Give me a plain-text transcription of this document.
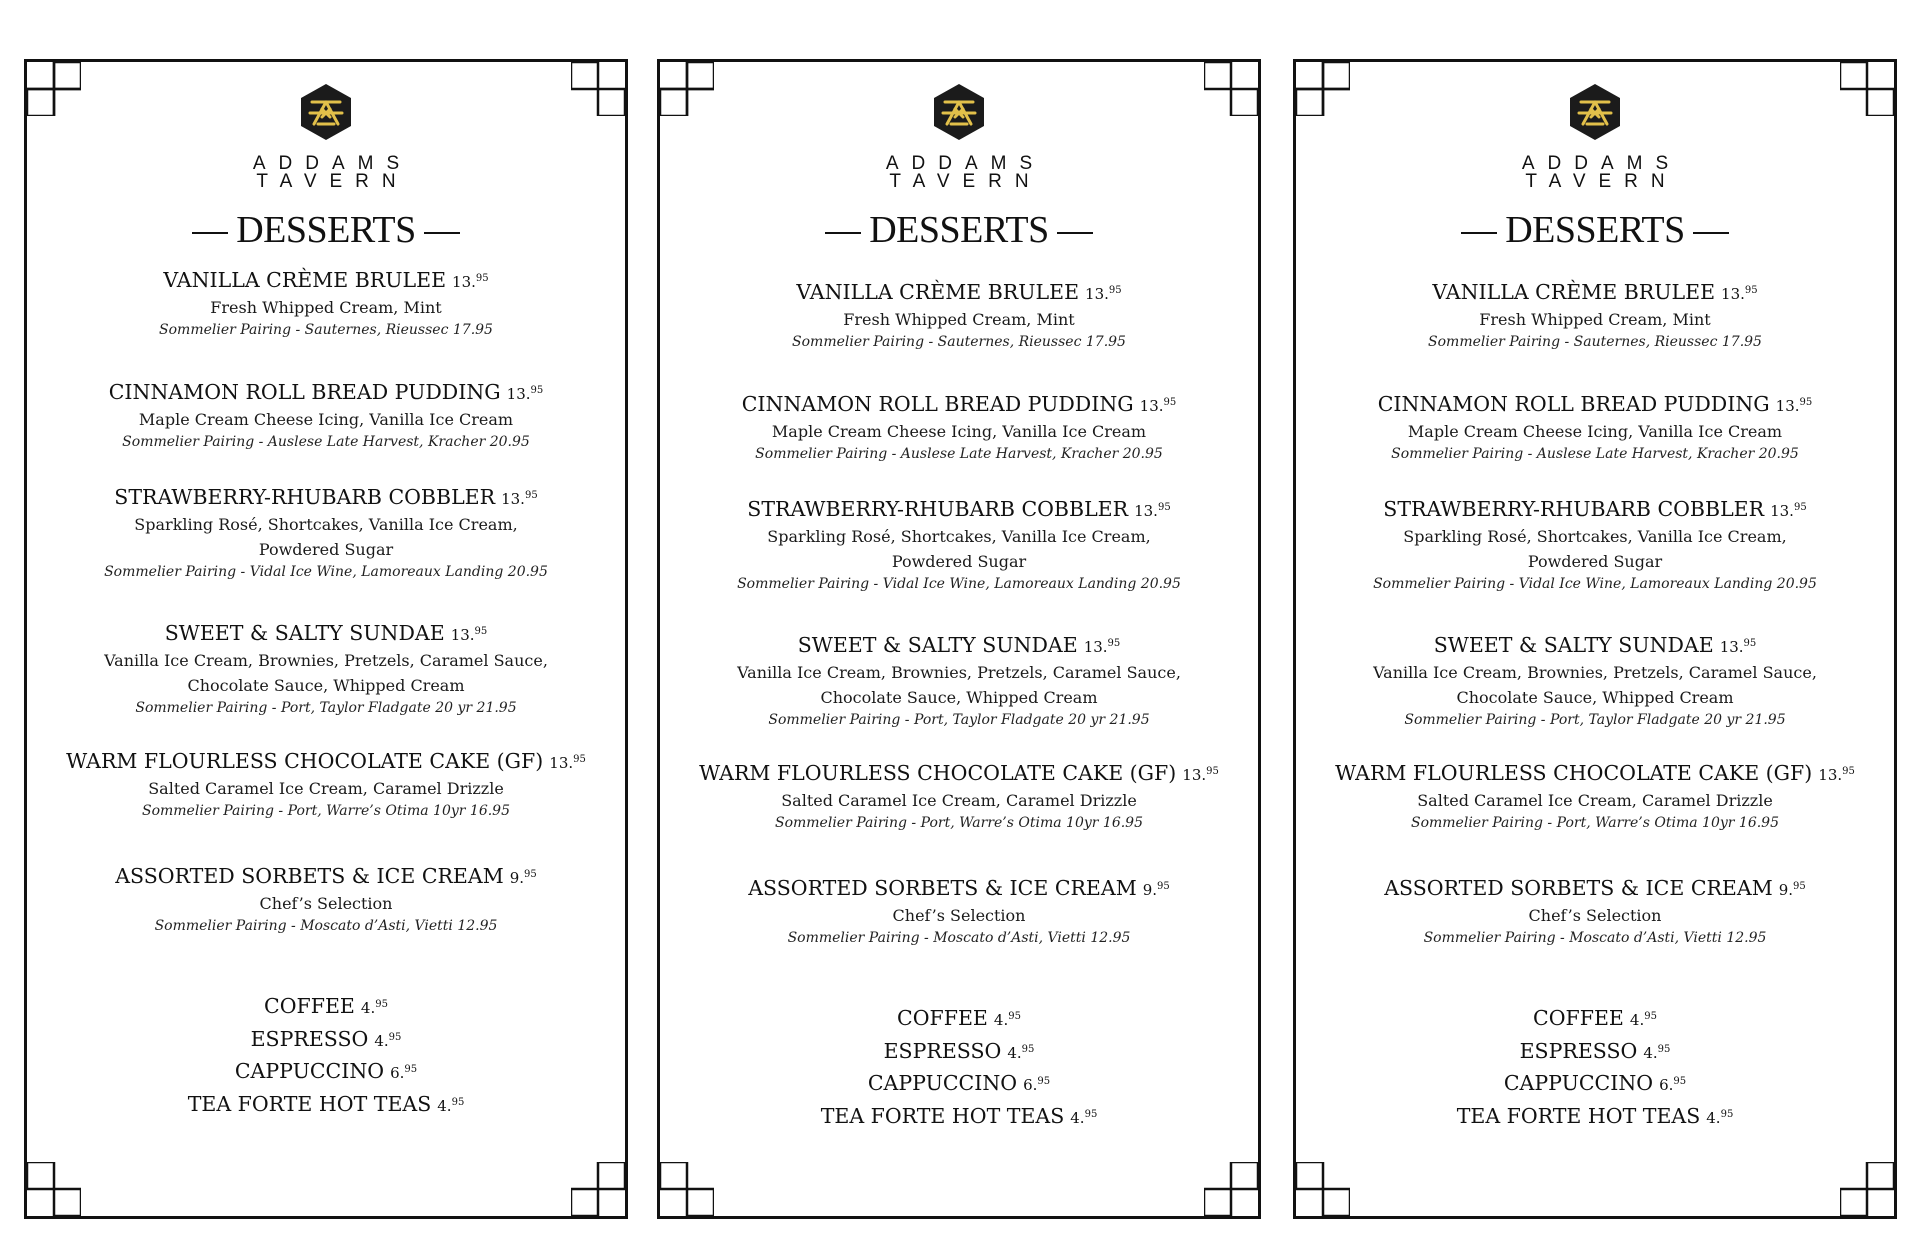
ADDAMS
TAVERN
DESSERTS
VANILLA CRÈME BRULEE 13.95
Fresh Whipped Cream, Mint
Sommelier Pairing - Sauternes, Rieussec 17.95
CINNAMON ROLL BREAD PUDDING 13.95
Maple Cream Cheese Icing, Vanilla Ice Cream
Sommelier Pairing - Auslese Late Harvest, Kracher 20.95
STRAWBERRY-RHUBARB COBBLER 13.95
Sparkling Rosé, Shortcakes, Vanilla Ice Cream,
Powdered Sugar
Sommelier Pairing - Vidal Ice Wine, Lamoreaux Landing 20.95
SWEET & SALTY SUNDAE 13.95
Vanilla Ice Cream, Brownies, Pretzels, Caramel Sauce,
Chocolate Sauce, Whipped Cream
Sommelier Pairing - Port, Taylor Fladgate 20 yr 21.95
WARM FLOURLESS CHOCOLATE CAKE (GF) 13.95
Salted Caramel Ice Cream, Caramel Drizzle
Sommelier Pairing - Port, Warre’s Otima 10yr 16.95
ASSORTED SORBETS & ICE CREAM 9.95
Chef’s Selection
Sommelier Pairing - Moscato d’Asti, Vietti 12.95
COFFEE 4.95
ESPRESSO 4.95
CAPPUCCINO 6.95
TEA FORTE HOT TEAS 4.95
ADDAMS
TAVERN
DESSERTS
VANILLA CRÈME BRULEE 13.95
Fresh Whipped Cream, Mint
Sommelier Pairing - Sauternes, Rieussec 17.95
CINNAMON ROLL BREAD PUDDING 13.95
Maple Cream Cheese Icing, Vanilla Ice Cream
Sommelier Pairing - Auslese Late Harvest, Kracher 20.95
STRAWBERRY-RHUBARB COBBLER 13.95
Sparkling Rosé, Shortcakes, Vanilla Ice Cream,
Powdered Sugar
Sommelier Pairing - Vidal Ice Wine, Lamoreaux Landing 20.95
SWEET & SALTY SUNDAE 13.95
Vanilla Ice Cream, Brownies, Pretzels, Caramel Sauce,
Chocolate Sauce, Whipped Cream
Sommelier Pairing - Port, Taylor Fladgate 20 yr 21.95
WARM FLOURLESS CHOCOLATE CAKE (GF) 13.95
Salted Caramel Ice Cream, Caramel Drizzle
Sommelier Pairing - Port, Warre’s Otima 10yr 16.95
ASSORTED SORBETS & ICE CREAM 9.95
Chef’s Selection
Sommelier Pairing - Moscato d’Asti, Vietti 12.95
COFFEE 4.95
ESPRESSO 4.95
CAPPUCCINO 6.95
TEA FORTE HOT TEAS 4.95
ADDAMS
TAVERN
DESSERTS
VANILLA CRÈME BRULEE 13.95
Fresh Whipped Cream, Mint
Sommelier Pairing - Sauternes, Rieussec 17.95
CINNAMON ROLL BREAD PUDDING 13.95
Maple Cream Cheese Icing, Vanilla Ice Cream
Sommelier Pairing - Auslese Late Harvest, Kracher 20.95
STRAWBERRY-RHUBARB COBBLER 13.95
Sparkling Rosé, Shortcakes, Vanilla Ice Cream,
Powdered Sugar
Sommelier Pairing - Vidal Ice Wine, Lamoreaux Landing 20.95
SWEET & SALTY SUNDAE 13.95
Vanilla Ice Cream, Brownies, Pretzels, Caramel Sauce,
Chocolate Sauce, Whipped Cream
Sommelier Pairing - Port, Taylor Fladgate 20 yr 21.95
WARM FLOURLESS CHOCOLATE CAKE (GF) 13.95
Salted Caramel Ice Cream, Caramel Drizzle
Sommelier Pairing - Port, Warre’s Otima 10yr 16.95
ASSORTED SORBETS & ICE CREAM 9.95
Chef’s Selection
Sommelier Pairing - Moscato d’Asti, Vietti 12.95
COFFEE 4.95
ESPRESSO 4.95
CAPPUCCINO 6.95
TEA FORTE HOT TEAS 4.95
